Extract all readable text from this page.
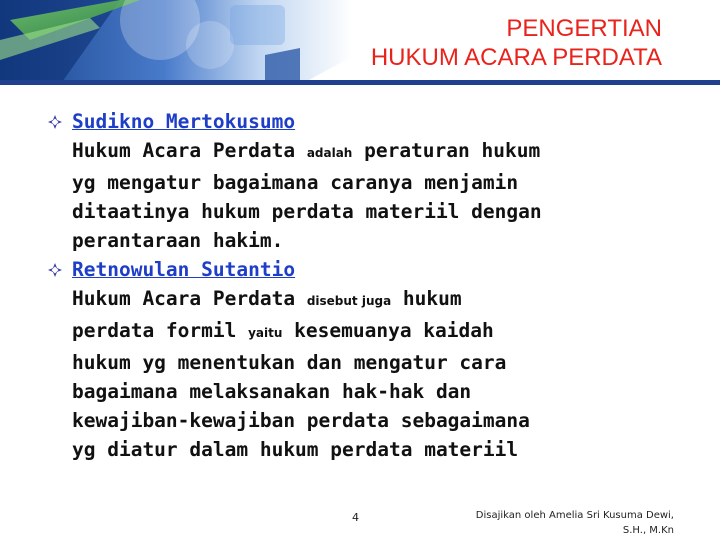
PENGERTIAN
HUKUM ACARA PERDATA
Sudikno Mertokusumo
Hukum Acara Perdata adalah peraturan hukum
yg mengatur bagaimana caranya menjamin
ditaatinya hukum perdata materiil dengan
perantaraan hakim.
Retnowulan Sutantio
Hukum Acara Perdata disebut juga hukum
perdata formil yaitu kesemuanya kaidah
hukum yg menentukan dan mengatur cara
bagaimana melaksanakan hak-hak dan
kewajiban-kewajiban perdata sebagaimana
yg diatur dalam hukum perdata materiil
4	Disajikan oleh Amelia Sri Kusuma Dewi,
S.H., M.Kn
